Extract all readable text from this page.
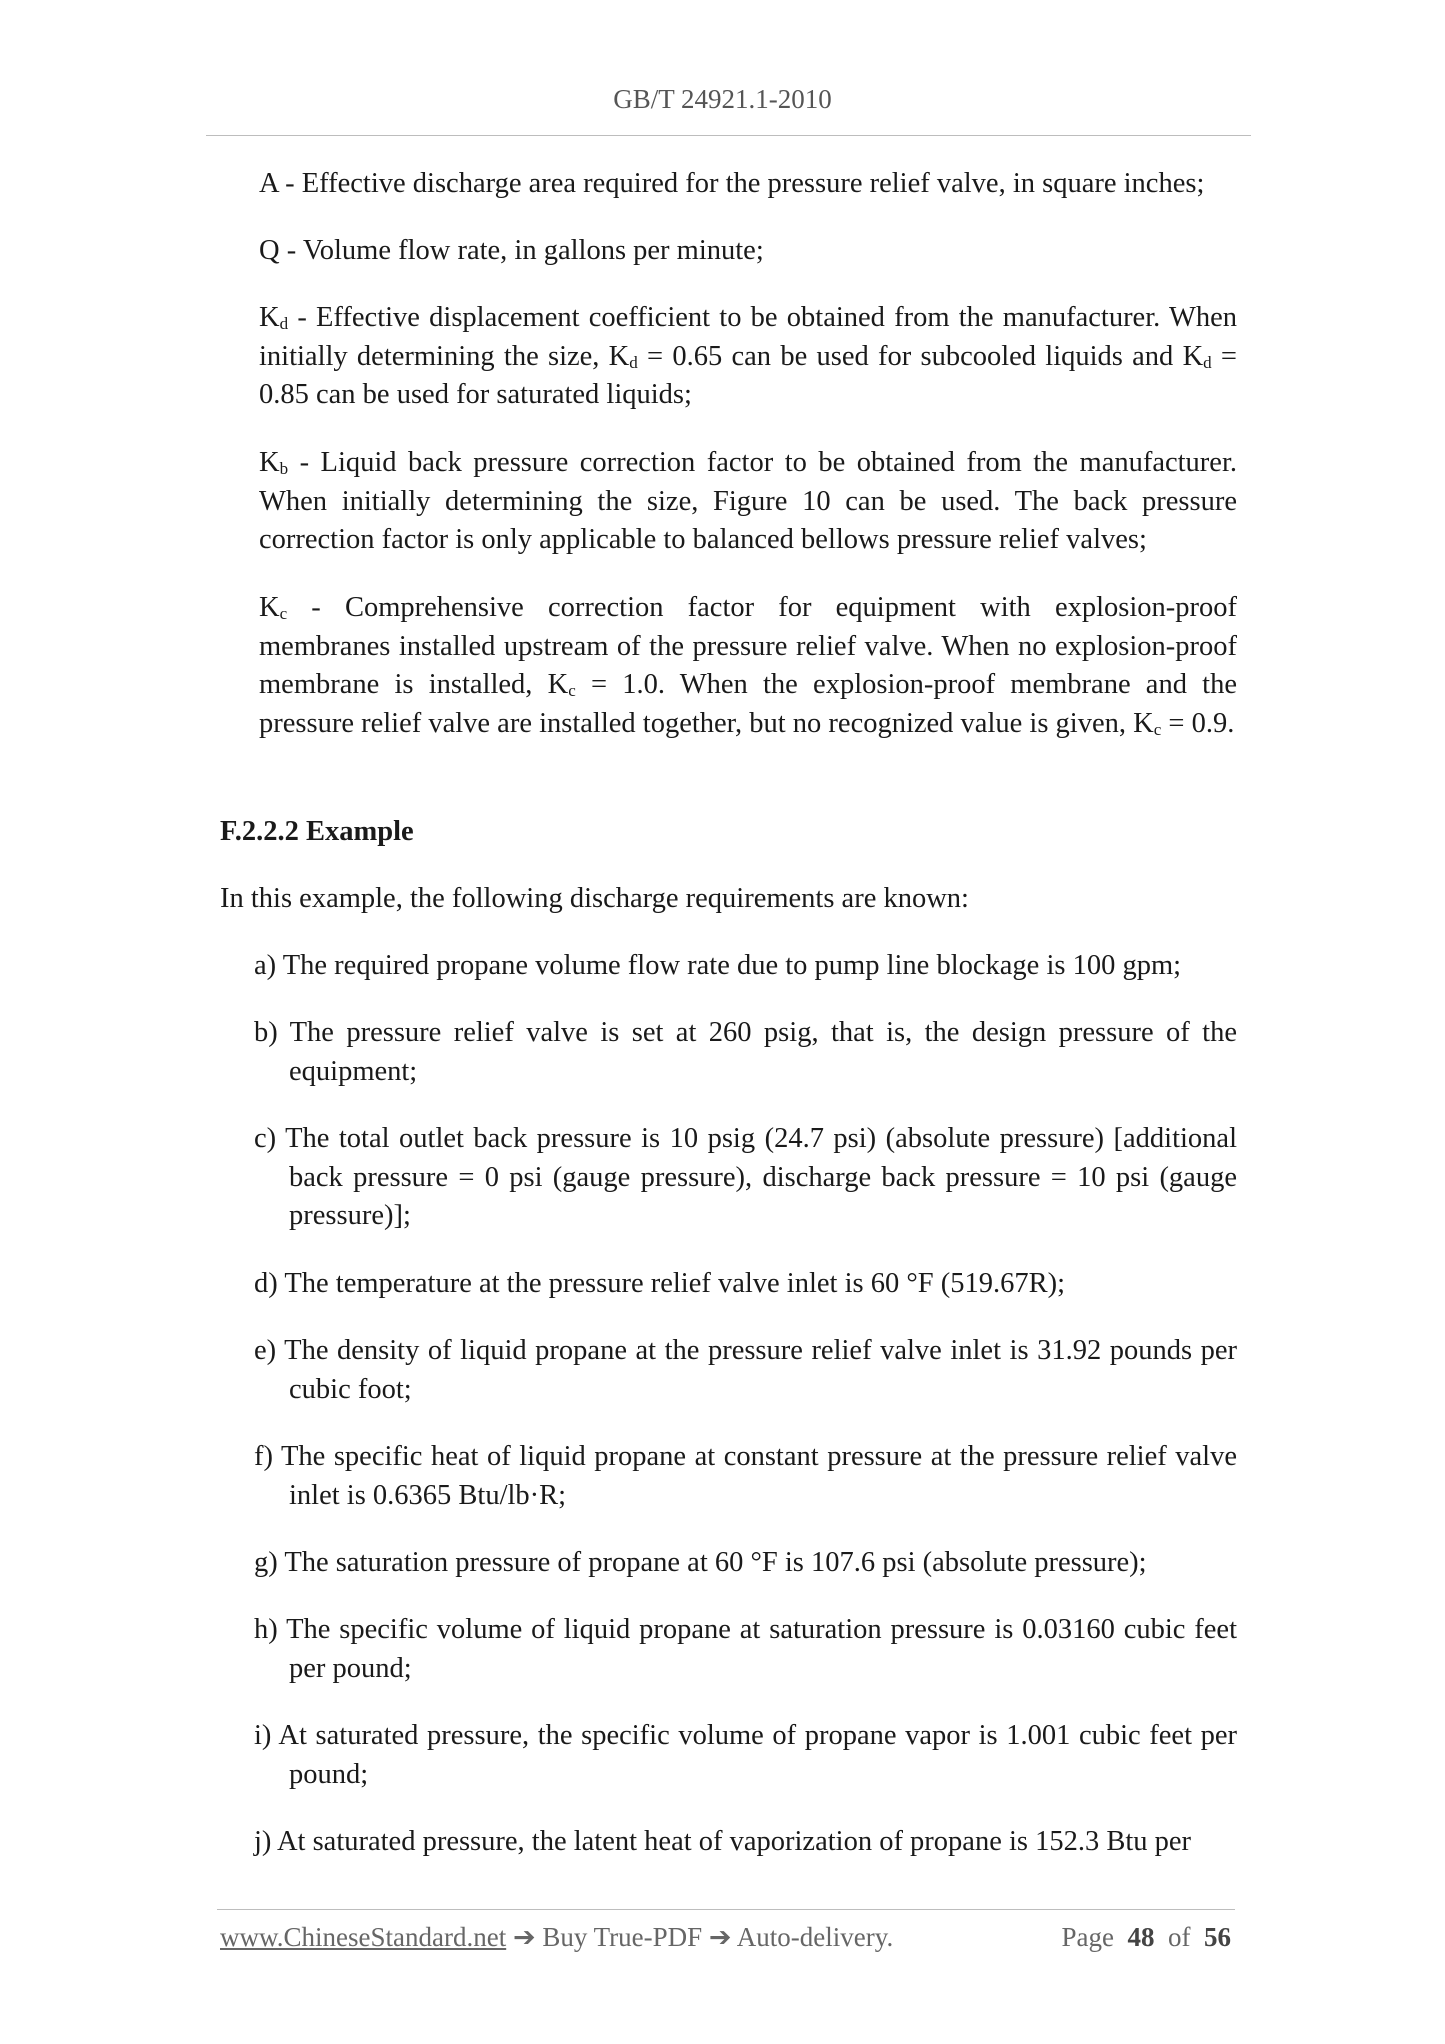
GB/T 24921.1-2010
A - Effective discharge area required for the pressure relief valve, in square inches;
Q - Volume flow rate, in gallons per minute;
$K_d$ - Effective displacement coefficient to be obtained from the manufacturer. When initially determining the size, $K_d = 0.65$ can be used for subcooled liquids and $K_d = 0.85$ can be used for saturated liquids;
$K_b$ - Liquid back pressure correction factor to be obtained from the manufacturer. When initially determining the size, Figure 10 can be used. The back pressure correction factor is only applicable to balanced bellows pressure relief valves;
$K_c$ - Comprehensive correction factor for equipment with explosion-proof membranes installed upstream of the pressure relief valve. When no explosion-proof membrane is installed, $K_c = 1.0$. When the explosion-proof membrane and the pressure relief valve are installed together, but no recognized value is given, $K_c = 0.9$.
F.2.2.2 Example
In this example, the following discharge requirements are known:
a) The required propane volume flow rate due to pump line blockage is 100 gpm;
b) The pressure relief valve is set at 260 psig, that is, the design pressure of the equipment;
c) The total outlet back pressure is 10 psig (24.7 psi) (absolute pressure) [additional back pressure = 0 psi (gauge pressure), discharge back pressure = 10 psi (gauge pressure)];
d) The temperature at the pressure relief valve inlet is 60 °F (519.67R);
e) The density of liquid propane at the pressure relief valve inlet is 31.92 pounds per cubic foot;
f) The specific heat of liquid propane at constant pressure at the pressure relief valve inlet is 0.6365 Btu/lb·R;
g) The saturation pressure of propane at 60 °F is 107.6 psi (absolute pressure);
h) The specific volume of liquid propane at saturation pressure is 0.03160 cubic feet per pound;
i) At saturated pressure, the specific volume of propane vapor is 1.001 cubic feet per pound;
j) At saturated pressure, the latent heat of vaporization of propane is 152.3 Btu per
www.ChineseStandard.net ➔ Buy True-PDF ➔ Auto-delivery.	Page 48 of 56
